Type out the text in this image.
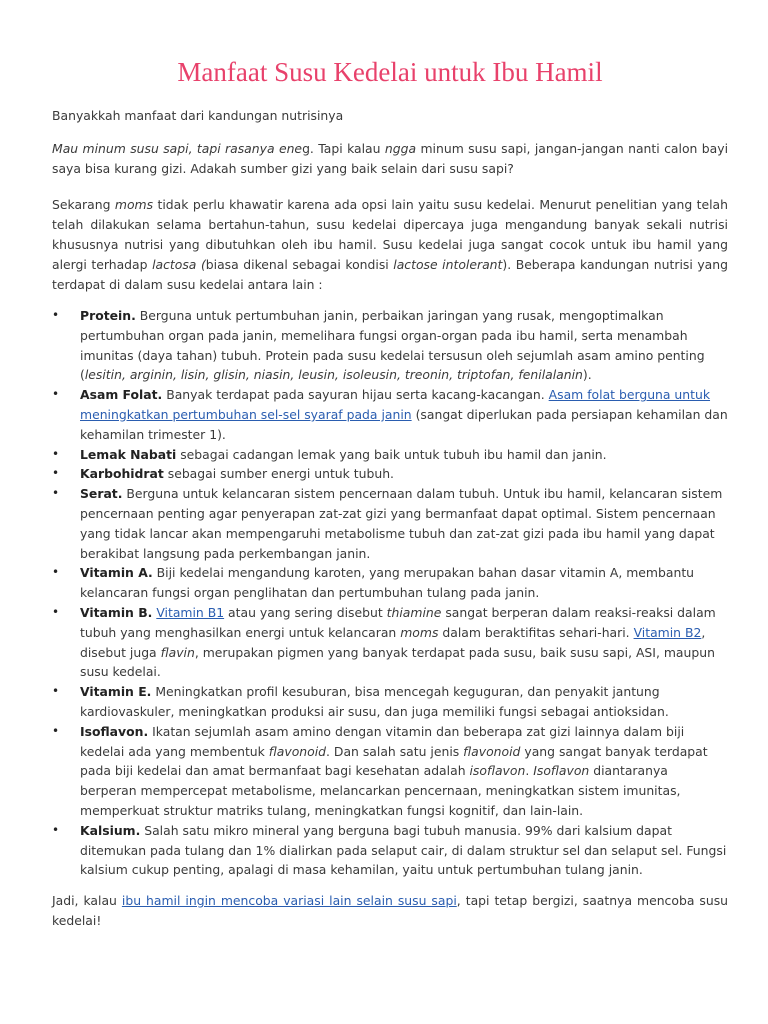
Manfaat Susu Kedelai untuk Ibu Hamil

Banyakkah manfaat dari kandungan nutrisinya

Mau minum susu sapi, tapi rasanya eneg. Tapi kalau ngga minum susu sapi, jangan-jangan nanti calon bayi saya bisa kurang gizi. Adakah sumber gizi yang baik selain dari susu sapi?

Sekarang moms tidak perlu khawatir karena ada opsi lain yaitu susu kedelai. Menurut penelitian yang telah telah dilakukan selama bertahun-tahun, susu kedelai dipercaya juga mengandung banyak sekali nutrisi khususnya nutrisi yang dibutuhkan oleh ibu hamil. Susu kedelai juga sangat cocok untuk ibu hamil yang alergi terhadap lactosa (biasa dikenal sebagai kondisi lactose intolerant). Beberapa kandungan nutrisi yang terdapat di dalam susu kedelai antara lain :

• Protein. Berguna untuk pertumbuhan janin, perbaikan jaringan yang rusak, mengoptimalkan pertumbuhan organ pada janin, memelihara fungsi organ-organ pada ibu hamil, serta menambah imunitas (daya tahan) tubuh. Protein pada susu kedelai tersusun oleh sejumlah asam amino penting (lesitin, arginin, lisin, glisin, niasin, leusin, isoleusin, treonin, triptofan, fenilalanin).
• Asam Folat. Banyak terdapat pada sayuran hijau serta kacang-kacangan. Asam folat berguna untuk meningkatkan pertumbuhan sel-sel syaraf pada janin (sangat diperlukan pada persiapan kehamilan dan kehamilan trimester 1).
• Lemak Nabati sebagai cadangan lemak yang baik untuk tubuh ibu hamil dan janin.
• Karbohidrat sebagai sumber energi untuk tubuh.
• Serat. Berguna untuk kelancaran sistem pencernaan dalam tubuh. Untuk ibu hamil, kelancaran sistem pencernaan penting agar penyerapan zat-zat gizi yang bermanfaat dapat optimal. Sistem pencernaan yang tidak lancar akan mempengaruhi metabolisme tubuh dan zat-zat gizi pada ibu hamil yang dapat berakibat langsung pada perkembangan janin.
• Vitamin A. Biji kedelai mengandung karoten, yang merupakan bahan dasar vitamin A, membantu kelancaran fungsi organ penglihatan dan pertumbuhan tulang pada janin.
• Vitamin B. Vitamin B1 atau yang sering disebut thiamine sangat berperan dalam reaksi-reaksi dalam tubuh yang menghasilkan energi untuk kelancaran moms dalam beraktifitas sehari-hari. Vitamin B2, disebut juga flavin, merupakan pigmen yang banyak terdapat pada susu, baik susu sapi, ASI, maupun susu kedelai.
• Vitamin E. Meningkatkan profil kesuburan, bisa mencegah keguguran, dan penyakit jantung kardiovaskuler, meningkatkan produksi air susu, dan juga memiliki fungsi sebagai antioksidan.
• Isoflavon. Ikatan sejumlah asam amino dengan vitamin dan beberapa zat gizi lainnya dalam biji kedelai ada yang membentuk flavonoid. Dan salah satu jenis flavonoid yang sangat banyak terdapat pada biji kedelai dan amat bermanfaat bagi kesehatan adalah isoflavon. Isoflavon diantaranya berperan mempercepat metabolisme, melancarkan pencernaan, meningkatkan sistem imunitas, memperkuat struktur matriks tulang, meningkatkan fungsi kognitif, dan lain-lain.
• Kalsium. Salah satu mikro mineral yang berguna bagi tubuh manusia. 99% dari kalsium dapat ditemukan pada tulang dan 1% dialirkan pada selaput cair, di dalam struktur sel dan selaput sel. Fungsi kalsium cukup penting, apalagi di masa kehamilan, yaitu untuk pertumbuhan tulang janin.

Jadi, kalau ibu hamil ingin mencoba variasi lain selain susu sapi, tapi tetap bergizi, saatnya mencoba susu kedelai!
